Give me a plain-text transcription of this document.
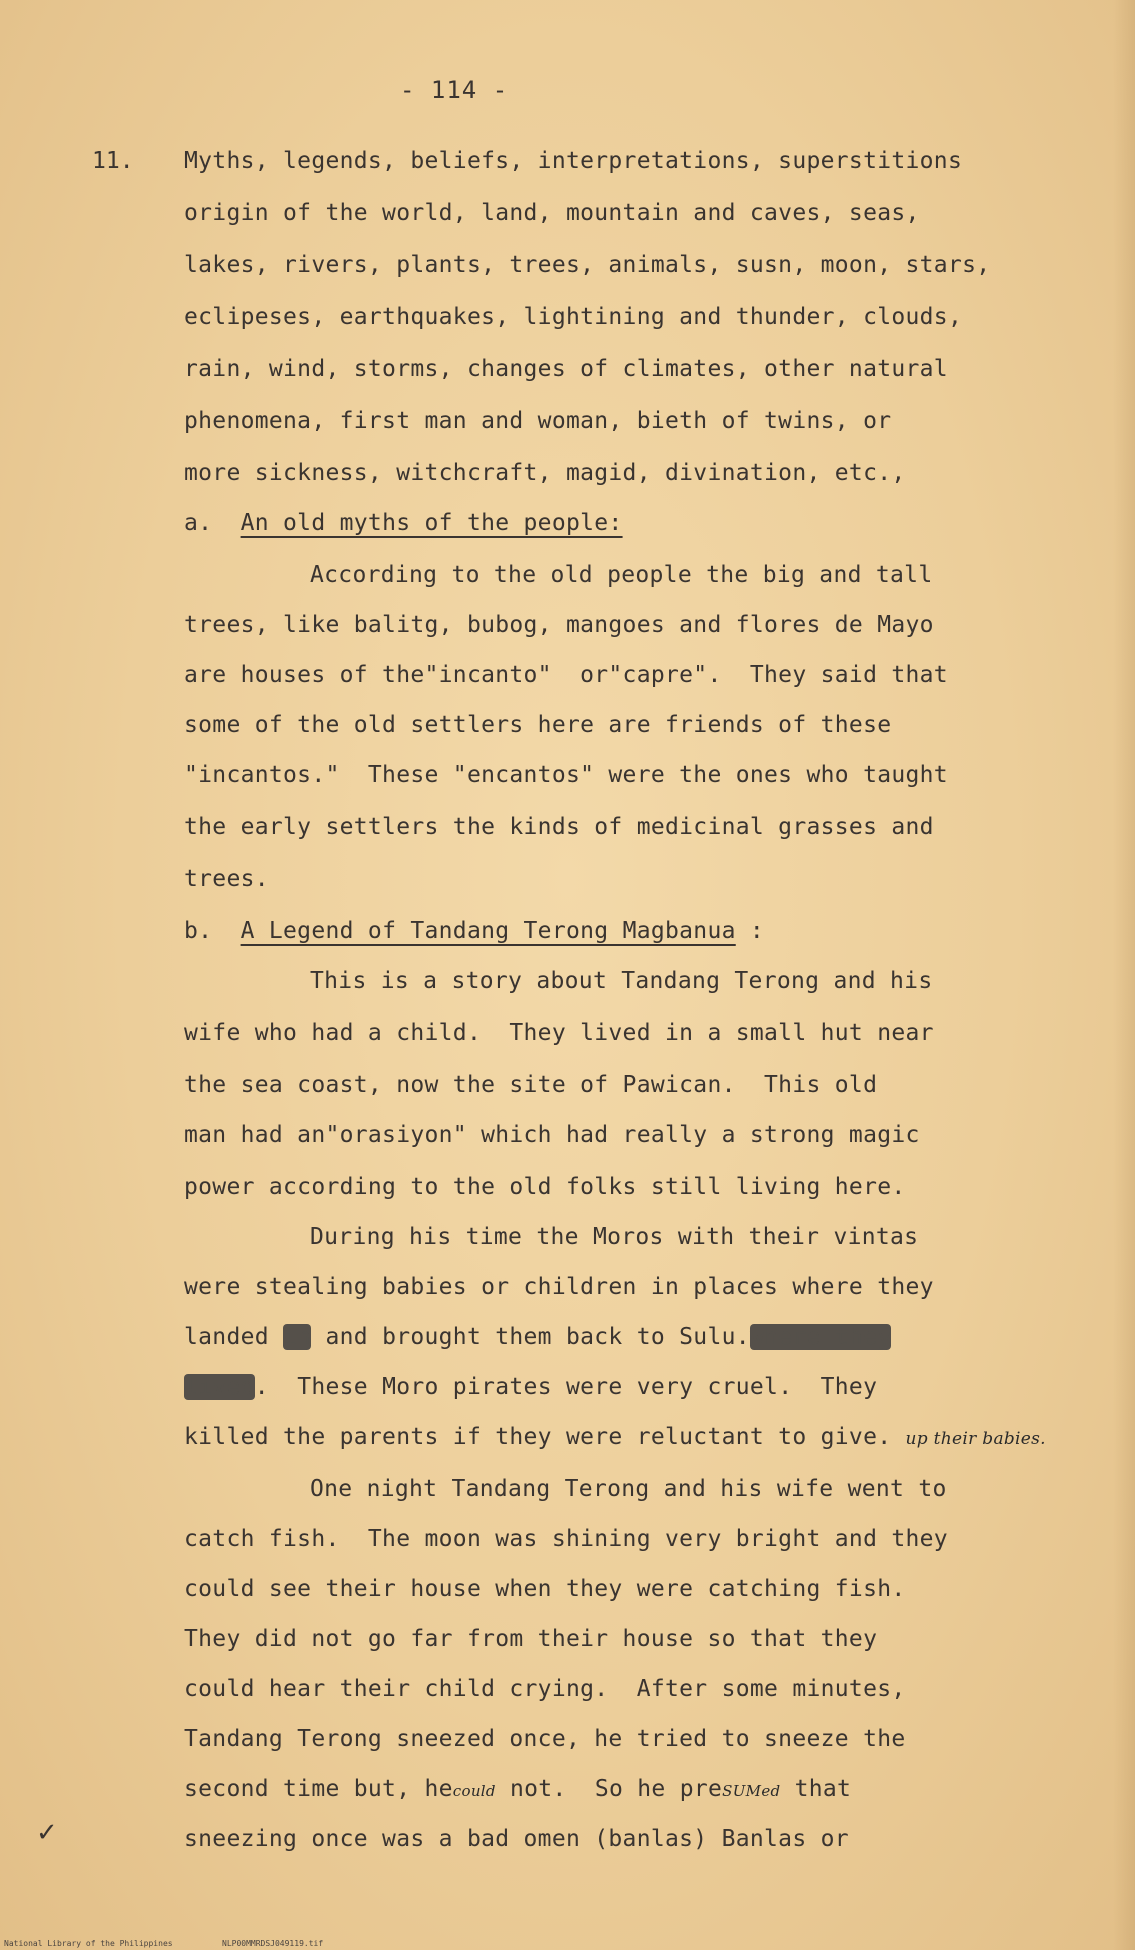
- 114 -
11. Myths, legends, beliefs, interpretations, superstitions
origin of the world, land, mountain and caves, seas,
lakes, rivers, plants, trees, animals, susn, moon, stars,
eclipeses, earthquakes, lightining and thunder, clouds,
rain, wind, storms, changes of climates, other natural
phenomena, first man and woman, bieth of twins, or
more sickness, witchcraft, magid, divination, etc.,
a. An old myths of the people:
According to the old people the big and tall
trees, like balitg, bubog, mangoes and flores de Mayo
are houses of the"incanto"  or"capre".  They said that
some of the old settlers here are friends of these
"incantos."  These "encantos" were the ones who taught
the early settlers the kinds of medicinal grasses and
trees.
b. A Legend of Tandang Terong Magbanua :
This is a story about Tandang Terong and his
wife who had a child.  They lived in a small hut near
the sea coast, now the site of Pawican.  This old
man had an"orasiyon" which had really a strong magic
power according to the old folks still living here.
During his time the Moros with their vintas
were stealing babies or children in places where they
landed in and brought them back to Sulu.where they
lived.  These Moro pirates were very cruel.  They
killed the parents if they were reluctant to give. up their babies.
One night Tandang Terong and his wife went to
catch fish.  The moon was shining very bright and they
could see their house when they were catching fish.
They did not go far from their house so that they
could hear their child crying.  After some minutes,
Tandang Terong sneezed once, he tried to sneeze the
second time but, hecould not.  So he preSUMed that
sneezing once was a bad omen (banlas) Banlas or
✓
National Library of the Philippines	NLP00MMRDSJ049119.tif
